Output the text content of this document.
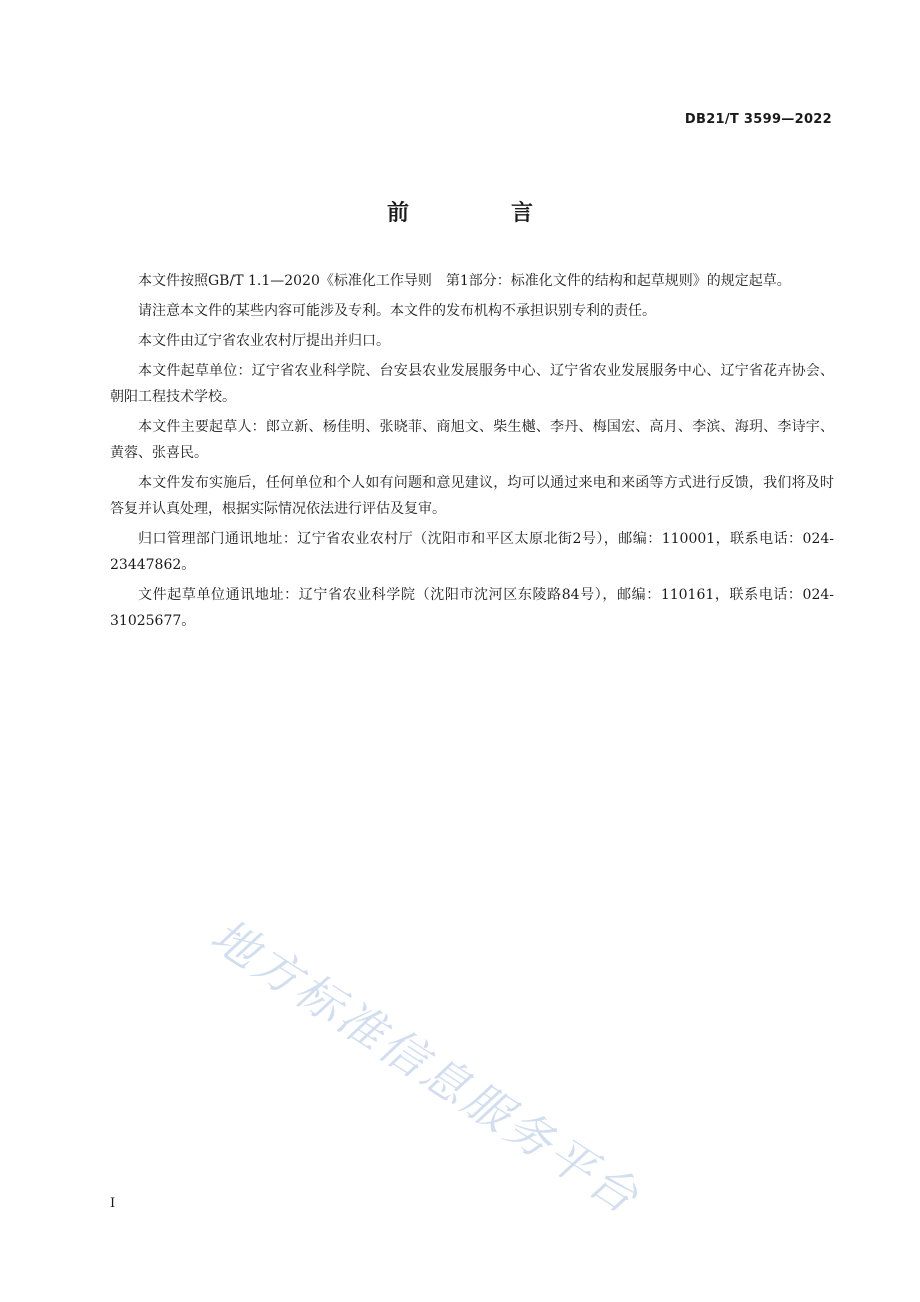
DB21/T 3599—2022
前　言

本文件按照GB/T 1.1—2020《标准化工作导则　第1部分：标准化文件的结构和起草规则》的规定起草。

请注意本文件的某些内容可能涉及专利。本文件的发布机构不承担识别专利的责任。

本文件由辽宁省农业农村厅提出并归口。

本文件起草单位：辽宁省农业科学院、台安县农业发展服务中心、辽宁省农业发展服务中心、辽宁省花卉协会、朝阳工程技术学校。

本文件主要起草人：郎立新、杨佳明、张晓菲、商旭文、柴生樾、李丹、梅国宏、高月、李滨、海玥、李诗宇、黄蓉、张喜民。

本文件发布实施后，任何单位和个人如有问题和意见建议，均可以通过来电和来函等方式进行反馈，我们将及时答复并认真处理，根据实际情况依法进行评估及复审。

归口管理部门通讯地址：辽宁省农业农村厅（沈阳市和平区太原北街2号），邮编：110001，联系电话：024-23447862。

文件起草单位通讯地址：辽宁省农业科学院（沈阳市沈河区东陵路84号），邮编：110161，联系电话：024-31025677。

地方标准信息服务平台
I
